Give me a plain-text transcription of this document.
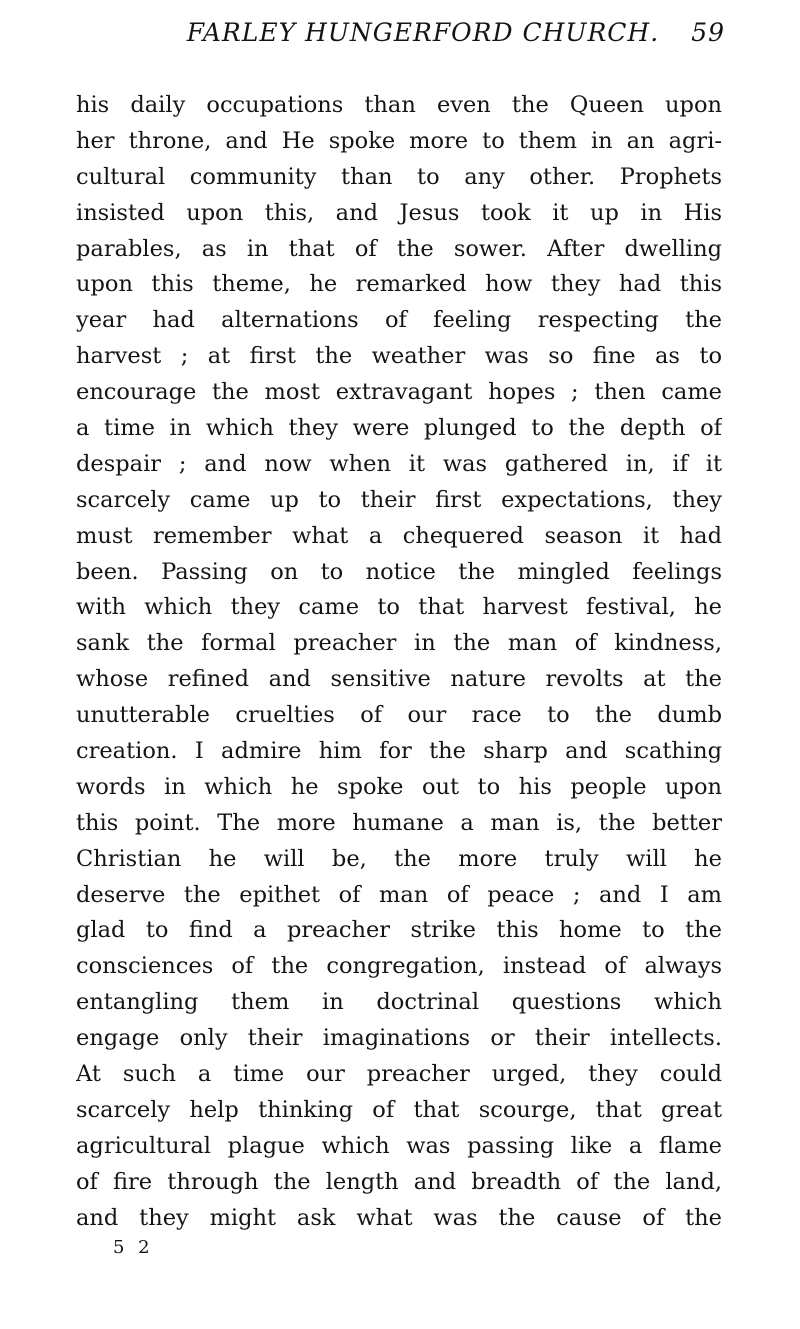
FARLEY HUNGERFORD CHURCH. 59
his daily occupations than even the Queen upon
her throne, and He spoke more to them in an agri-
cultural community than to any other. Prophets
insisted upon this, and Jesus took it up in His
parables, as in that of the sower. After dwelling
upon this theme, he remarked how they had this
year had alternations of feeling respecting the
harvest ; at first the weather was so fine as to
encourage the most extravagant hopes ; then came
a time in which they were plunged to the depth of
despair ; and now when it was gathered in, if it
scarcely came up to their first expectations, they
must remember what a chequered season it had
been. Passing on to notice the mingled feelings
with which they came to that harvest festival, he
sank the formal preacher in the man of kindness,
whose refined and sensitive nature revolts at the
unutterable cruelties of our race to the dumb
creation. I admire him for the sharp and scathing
words in which he spoke out to his people upon
this point. The more humane a man is, the better
Christian he will be, the more truly will he
deserve the epithet of man of peace ; and I am
glad to find a preacher strike this home to the
consciences of the congregation, instead of always
entangling them in doctrinal questions which
engage only their imaginations or their intellects.
At such a time our preacher urged, they could
scarcely help thinking of that scourge, that great
agricultural plague which was passing like a flame
of fire through the length and breadth of the land,
and they might ask what was the cause of the
5 2
